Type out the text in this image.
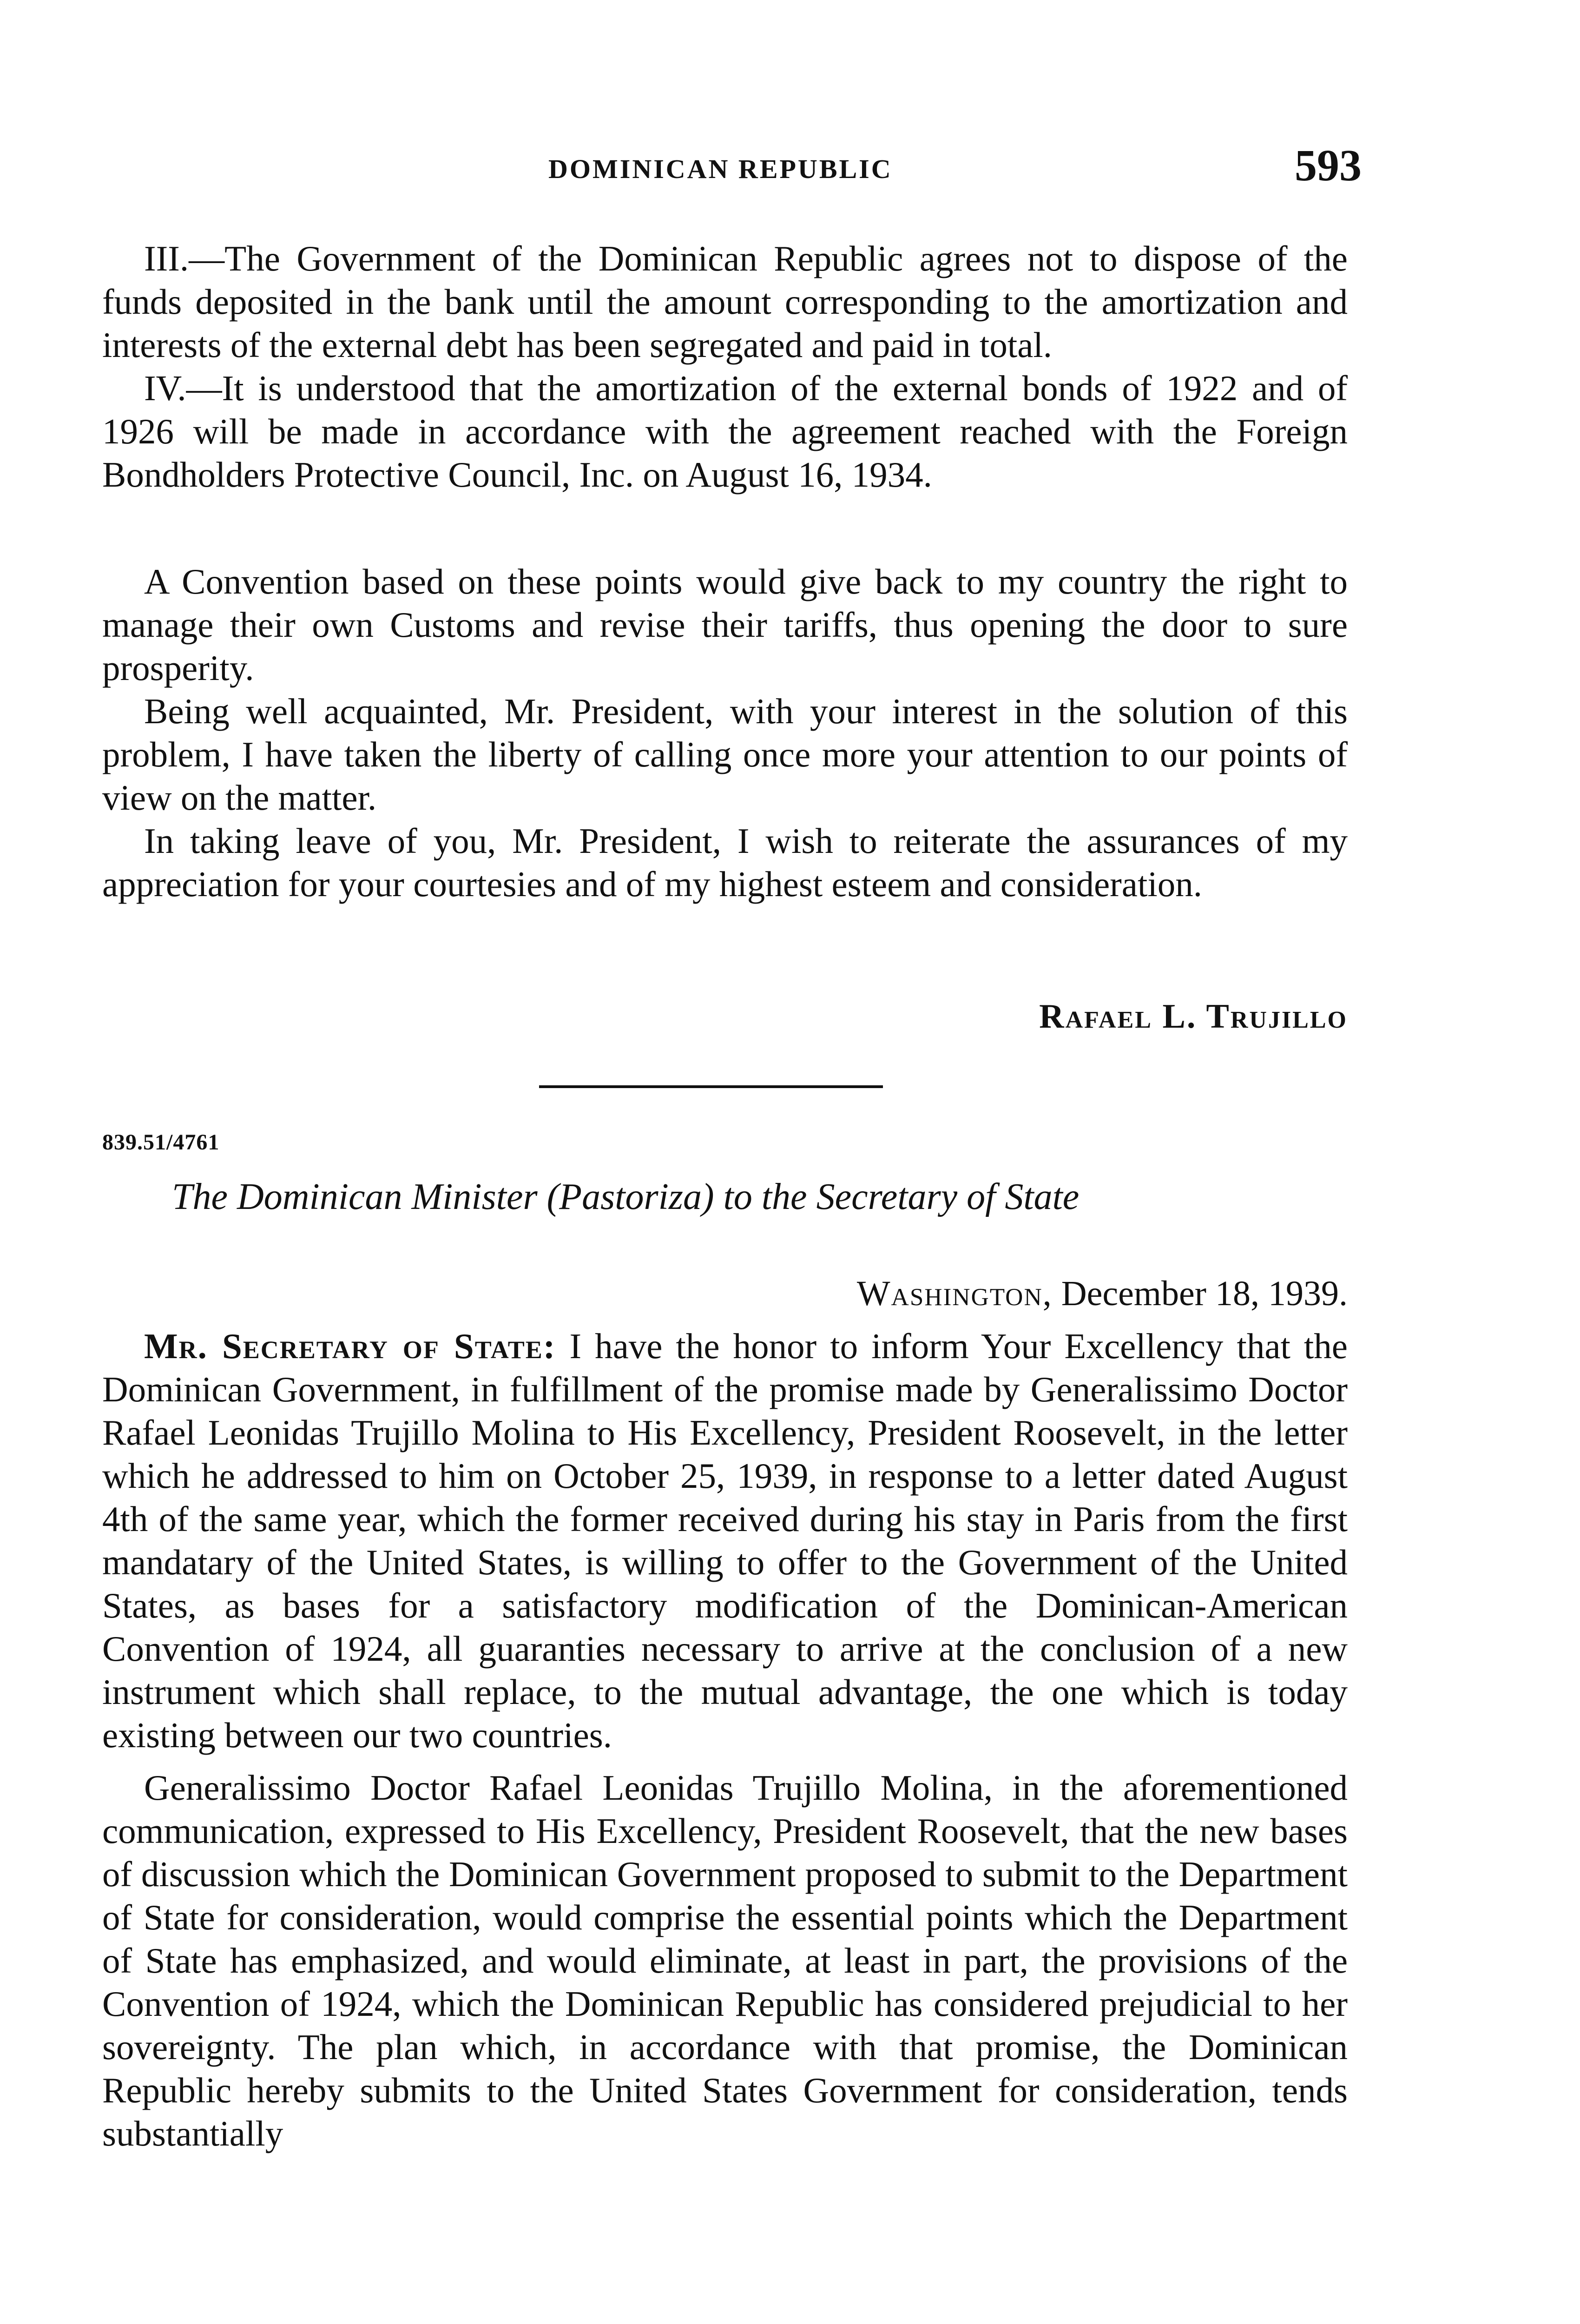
DOMINICAN REPUBLIC	593

III.—The Government of the Dominican Republic agrees not to dispose of the funds deposited in the bank until the amount corresponding to the amortization and interests of the external debt has been segregated and paid in total.

IV.—It is understood that the amortization of the external bonds of 1922 and of 1926 will be made in accordance with the agreement reached with the Foreign Bondholders Protective Council, Inc. on August 16, 1934.

A Convention based on these points would give back to my country the right to manage their own Customs and revise their tariffs, thus opening the door to sure prosperity.

Being well acquainted, Mr. President, with your interest in the solution of this problem, I have taken the liberty of calling once more your attention to our points of view on the matter.

In taking leave of you, Mr. President, I wish to reiterate the assurances of my appreciation for your courtesies and of my highest esteem and consideration.

Rafael L. Trujillo
839.51/4761
The Dominican Minister (Pastoriza) to the Secretary of State
Washington, December 18, 1939.

Mr. Secretary of State: I have the honor to inform Your Excellency that the Dominican Government, in fulfillment of the promise made by Generalissimo Doctor Rafael Leonidas Trujillo Molina to His Excellency, President Roosevelt, in the letter which he addressed to him on October 25, 1939, in response to a letter dated August 4th of the same year, which the former received during his stay in Paris from the first mandatary of the United States, is willing to offer to the Government of the United States, as bases for a satisfactory modification of the Dominican-American Convention of 1924, all guaranties necessary to arrive at the conclusion of a new instrument which shall replace, to the mutual advantage, the one which is today existing between our two countries.

Generalissimo Doctor Rafael Leonidas Trujillo Molina, in the aforementioned communication, expressed to His Excellency, President Roosevelt, that the new bases of discussion which the Dominican Government proposed to submit to the Department of State for consideration, would comprise the essential points which the Department of State has emphasized, and would eliminate, at least in part, the provisions of the Convention of 1924, which the Dominican Republic has considered prejudicial to her sovereignty. The plan which, in accordance with that promise, the Dominican Republic hereby submits to the United States Government for consideration, tends substantially
